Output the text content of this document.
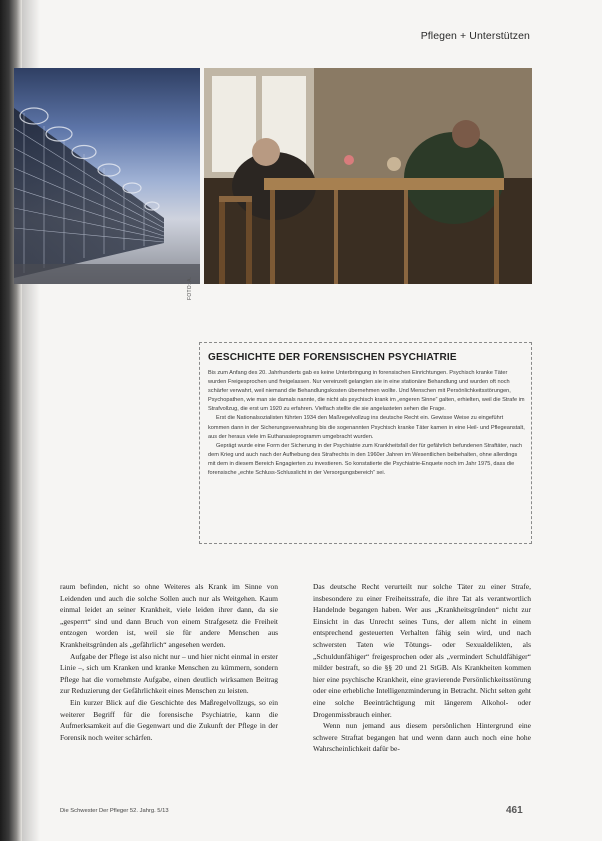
Pflegen + Unterstützen
FOTO: A.
GESCHICHTE DER FORENSISCHEN PSYCHIATRIE

Bis zum Anfang des 20. Jahrhunderts gab es keine Unterbringung in forensischen Einrichtungen. Psychisch kranke Täter wurden Freigesprochen und freigelassen. Nur vereinzelt gelangten sie in eine stationäre Behandlung und wurden oft noch schärfer verwahrt, weil niemand die Behandlungskosten übernehmen wollte. Und Menschen mit Persönlichkeitsstörungen, Psychopathen, wie man sie damals nannte, die nicht als psychisch krank im „engeren Sinne“ galten, erhielten, weil die Strafe im Strafvollzug, die erst um 1920 zu erfahren. Vielfach stellte die sie angelasteten sehen die Frage.

Erst die Nationalsozialisten führten 1934 den Maßregelvollzug ins deutsche Recht ein. Gewisse Weise zu eingeführt kommen dann in der Sicherungsverwahrung bis die sogenannten Psychisch kranke Täter kamen in eine Heil- und Pflegeanstalt, aus der heraus viele im Euthanasieprogramm umgebracht wurden.

Geprägt wurde eine Form der Sicherung in der Psychiatrie zum Krankheitsfall der für gefährlich befundenen Straftäter, nach dem Krieg und auch nach der Aufhebung des Strafrechts in den 1960er Jahren im Wesentlichen beibehalten, ohne allerdings mit dem in diesem Bereich Engagierten zu investieren. So konstatierte die Psychiatrie-Enquete noch im Jahr 1975, dass die forensische „echte Schluss-Schlusslicht in der Versorgungsbereich“ sei.

raum befinden, nicht so ohne Weiteres als Krank im Sinne von Leidenden und auch die solche Sollen auch nur als Weitgehen. Kaum einmal leidet an seiner Krankheit, viele leiden ihrer dann, da sie „gesperrt“ sind und dann Bruch von einem Strafgesetz die Freiheit entzogen worden ist, weil sie für andere Menschen aus Krankheitsgründen als „gefährlich“ angesehen werden.

Aufgabe der Pflege ist also nicht nur – und hier nicht einmal in erster Linie –, sich um Kranken und kranke Menschen zu kümmern, sondern Pflege hat die vornehmste Aufgabe, einen deutlich wirksamen Beitrag zur Reduzierung der Gefährlichkeit eines Menschen zu leisten.

Ein kurzer Blick auf die Geschichte des Maßregelvollzugs, so ein weiterer Begriff für die forensische Psychiatrie, kann die Aufmerksamkeit auf die Gegenwart und die Zukunft der Pflege in der Forensik noch weiter schärfen.

Das deutsche Recht verurteilt nur solche Täter zu einer Strafe, insbesondere zu einer Freiheitsstrafe, die ihre Tat als verantwortlich Handelnde begangen haben. Wer aus „Krankheitsgründen“ nicht zur Einsicht in das Unrecht seines Tuns, der allem nicht in einem entsprechend gesteuerten Verhalten fähig sein wird, und nach schwersten Taten wie Tötungs- oder Sexualdelikten, als „Schuldunfähiger“ freigesprochen oder als „vermindert Schuldfähiger“ milder bestraft, so die §§ 20 und 21 StGB. Als Krankheiten kommen hier eine psychische Krankheit, eine gravierende Persönlichkeitsstörung oder eine erhebliche Intelligenzminderung in Betracht. Nicht selten geht eine solche Beeinträchtigung mit längerem Alkohol- oder Drogenmissbrauch einher.

Wenn nun jemand aus diesem persönlichen Hintergrund eine schwere Straftat begangen hat und wenn dann auch noch eine hohe Wahrscheinlichkeit dafür be-

Die Schwester Der Pfleger 52. Jahrg. 5/13	461
